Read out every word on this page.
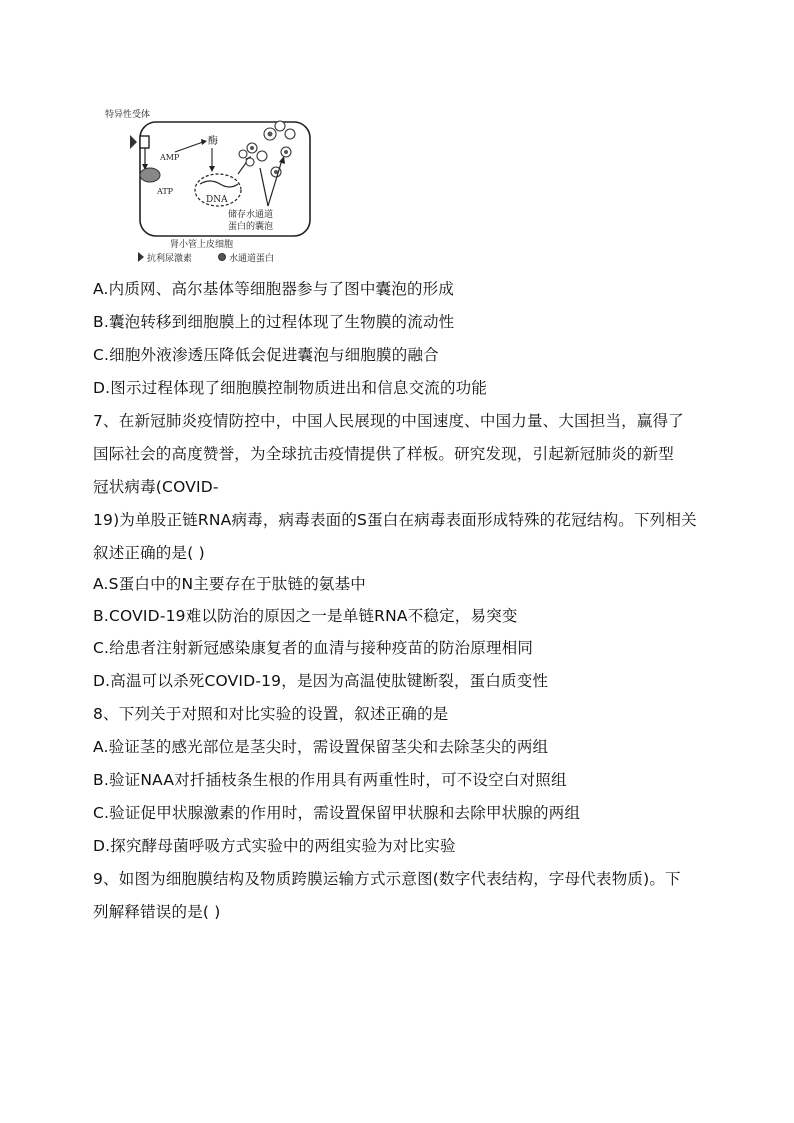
特异性受体
AMP
ATP
酶
DNA
储存水通道
蛋白的囊泡
肾小管上皮细胞
抗利尿激素	水通道蛋白
A.内质网、高尔基体等细胞器参与了图中囊泡的形成
B.囊泡转移到细胞膜上的过程体现了生物膜的流动性
C.细胞外液渗透压降低会促进囊泡与细胞膜的融合
D.图示过程体现了细胞膜控制物质进出和信息交流的功能
7、在新冠肺炎疫情防控中，中国人民展现的中国速度、中国力量、大国担当，赢得了
国际社会的高度赞誉，为全球抗击疫情提供了样板。研究发现，引起新冠肺炎的新型
冠状病毒(COVID-
19)为单股正链RNA病毒，病毒表面的S蛋白在病毒表面形成特殊的花冠结构。下列相关
叙述正确的是( )
A.S蛋白中的N主要存在于肽链的氨基中
B.COVID-19难以防治的原因之一是单链RNA不稳定，易突变
C.给患者注射新冠感染康复者的血清与接种疫苗的防治原理相同
D.高温可以杀死COVID-19，是因为高温使肽键断裂，蛋白质变性
8、下列关于对照和对比实验的设置，叙述正确的是
A.验证茎的感光部位是茎尖时，需设置保留茎尖和去除茎尖的两组
B.验证NAA对扦插枝条生根的作用具有两重性时，可不设空白对照组
C.验证促甲状腺激素的作用时，需设置保留甲状腺和去除甲状腺的两组
D.探究酵母菌呼吸方式实验中的两组实验为对比实验
9、如图为细胞膜结构及物质跨膜运输方式示意图(数字代表结构，字母代表物质)。下
列解释错误的是( )
